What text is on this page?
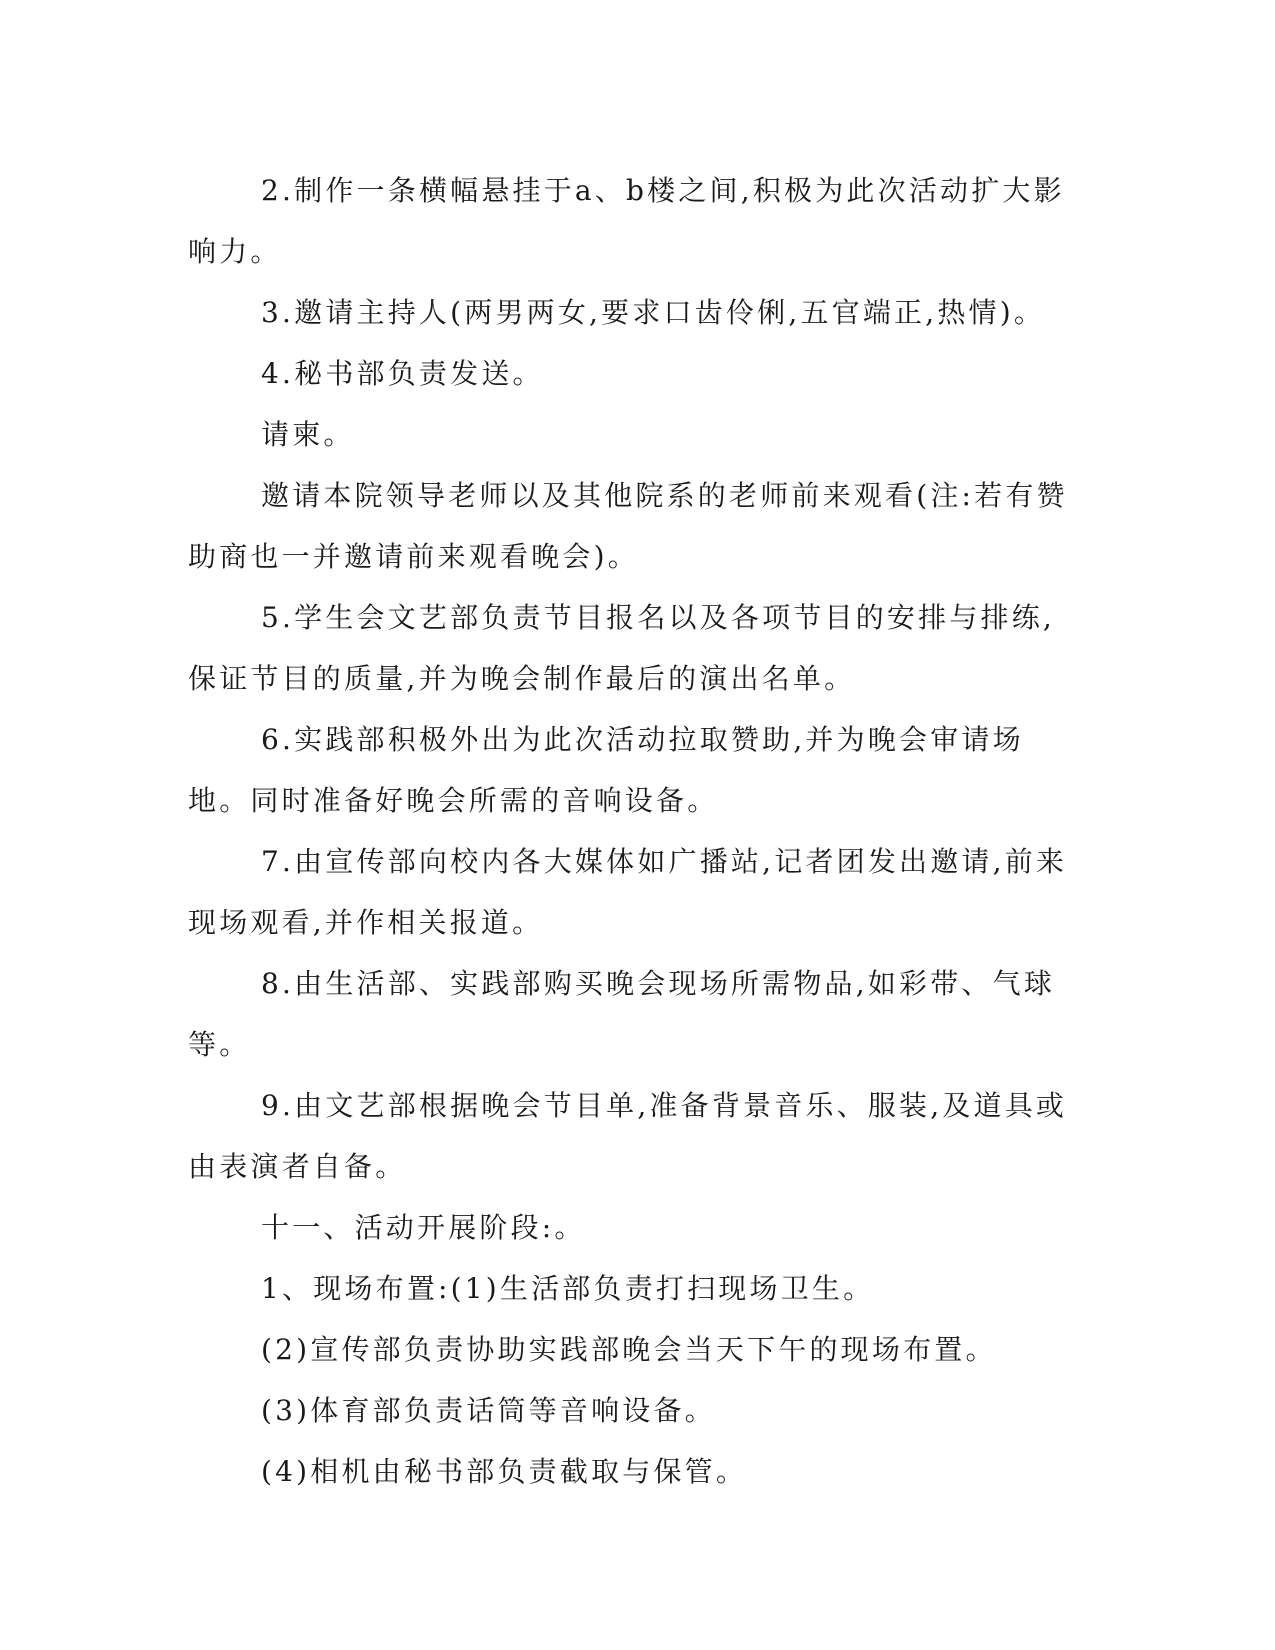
2.制作一条横幅悬挂于a、b楼之间,积极为此次活动扩大影响力。

3.邀请主持人(两男两女,要求口齿伶俐,五官端正,热情)。

4.秘书部负责发送。

请柬。

邀请本院领导老师以及其他院系的老师前来观看(注:若有赞助商也一并邀请前来观看晚会)。

5.学生会文艺部负责节目报名以及各项节目的安排与排练,保证节目的质量,并为晚会制作最后的演出名单。

6.实践部积极外出为此次活动拉取赞助,并为晚会审请场地。同时准备好晚会所需的音响设备。

7.由宣传部向校内各大媒体如广播站,记者团发出邀请,前来现场观看,并作相关报道。

8.由生活部、实践部购买晚会现场所需物品,如彩带、气球等。

9.由文艺部根据晚会节目单,准备背景音乐、服装,及道具或由表演者自备。

十一、活动开展阶段:。

1、现场布置:(1)生活部负责打扫现场卫生。

(2)宣传部负责协助实践部晚会当天下午的现场布置。

(3)体育部负责话筒等音响设备。

(4)相机由秘书部负责截取与保管。
